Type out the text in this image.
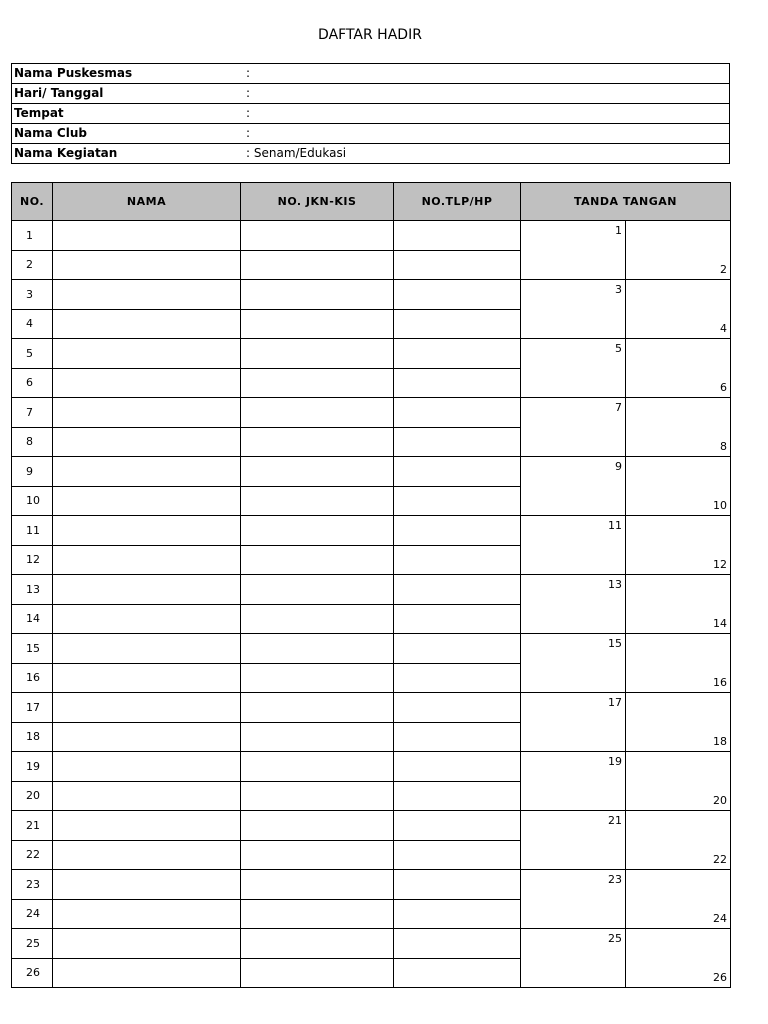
DAFTAR HADIR
Nama Puskesmas	:
Hari/ Tanggal	:
Tempat	:
Nama Club	:
Nama Kegiatan	: Senam/Edukasi
NO.	NAMA	NO. JKN-KIS	NO.TLP/HP	TANDA TANGAN	
1				1	2

2					
3				3	4

4					
5				5	6

6					
7				7	8

8					
9				9	10

10					
11				11	12

12					
13				13	14

14					
15				15	16

16					
17				17	18

18					
19				19	20

20					
21				21	22

22					
23				23	24

24					
25				25	26

26					
